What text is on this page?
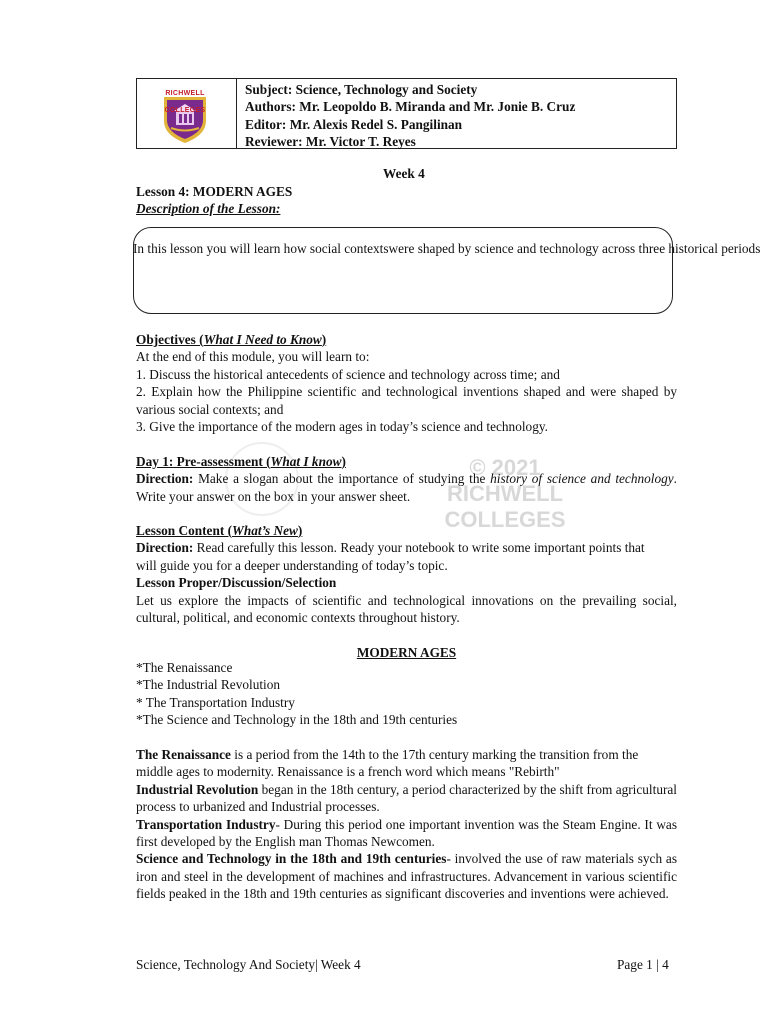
RICHWELL COLLEGES
Subject: Science, Technology and Society
Authors: Mr. Leopoldo B. Miranda and Mr. Jonie B. Cruz
Editor: Mr. Alexis Redel S. Pangilinan
Reviewer: Mr. Victor T. Reyes
Week 4
Lesson 4: MODERN AGES
Description of the Lesson:
In this lesson you will learn how social contextswere shaped by science and technology across three historical periods
Objectives (What I Need to Know)
At the end of this module, you will learn to:
1. Discuss the historical antecedents of science and technology across time; and
2. Explain how the Philippine scientific and technological inventions shaped and were shaped by various social contexts; and
3. Give the importance of the modern ages in today’s science and technology.
© 2021
RICHWELL COLLEGES
Day 1: Pre-assessment (What I know)
Direction: Make a slogan about the importance of studying the history of science and technology. Write your answer on the box in your answer sheet.
Lesson Content (What’s New)
Direction: Read carefully this lesson. Ready your notebook to write some important points that will guide you for a deeper understanding of today’s topic.
Lesson Proper/Discussion/Selection
Let us explore the impacts of scientific and technological innovations on the prevailing social, cultural, political, and economic contexts throughout history.
MODERN AGES
*The Renaissance
*The Industrial Revolution
* The Transportation Industry
*The Science and Technology in the 18th and 19th centuries
The Renaissance is a period from the 14th to the 17th century marking the transition from the middle ages to modernity. Renaissance is a french word which means "Rebirth"
Industrial Revolution began in the 18th century, a period characterized by the shift from agricultural process to urbanized and Industrial processes.
Transportation Industry- During this period one important invention was the Steam Engine. It was first developed by the English man Thomas Newcomen.
Science and Technology in the 18th and 19th centuries- involved the use of raw materials sych as iron and steel in the development of machines and infrastructures. Advancement in various scientific fields peaked in the 18th and 19th centuries as significant discoveries and inventions were achieved.
Science, Technology And Society| Week 4	Page 1 | 4
